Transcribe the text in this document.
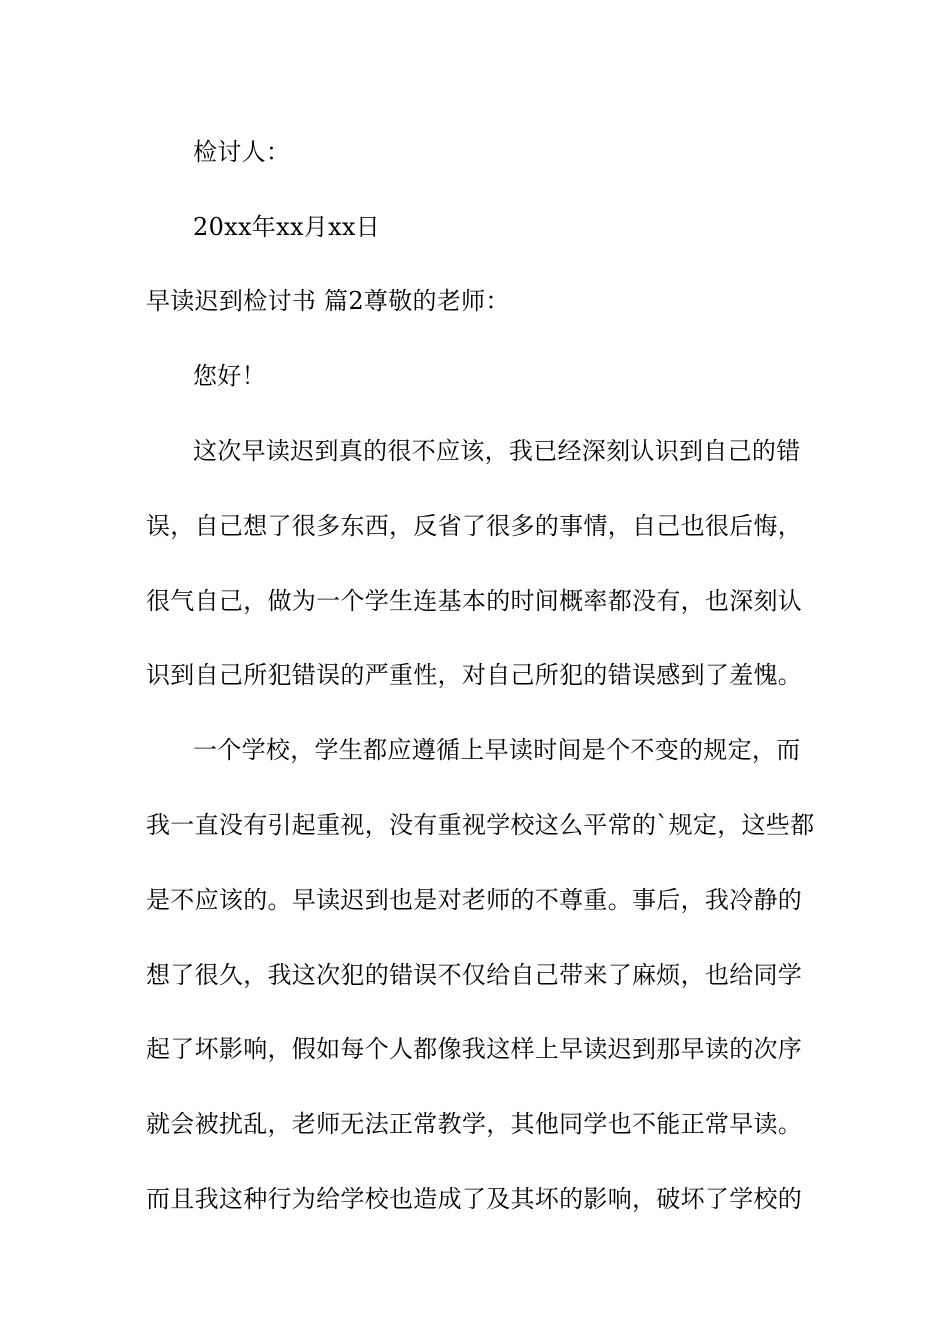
检讨人：
20xx年xx月xx日
早读迟到检讨书 篇2尊敬的老师：
您好！
这次早读迟到真的很不应该，我已经深刻认识到自己的错
误，自己想了很多东西，反省了很多的事情，自己也很后悔，
很气自己，做为一个学生连基本的时间概率都没有，也深刻认
识到自己所犯错误的严重性，对自己所犯的错误感到了羞愧。
一个学校，学生都应遵循上早读时间是个不变的规定，而
我一直没有引起重视，没有重视学校这么平常的`规定，这些都
是不应该的。早读迟到也是对老师的不尊重。事后，我冷静的
想了很久，我这次犯的错误不仅给自己带来了麻烦，也给同学
起了坏影响，假如每个人都像我这样上早读迟到那早读的次序
就会被扰乱，老师无法正常教学，其他同学也不能正常早读。
而且我这种行为给学校也造成了及其坏的影响，破坏了学校的
